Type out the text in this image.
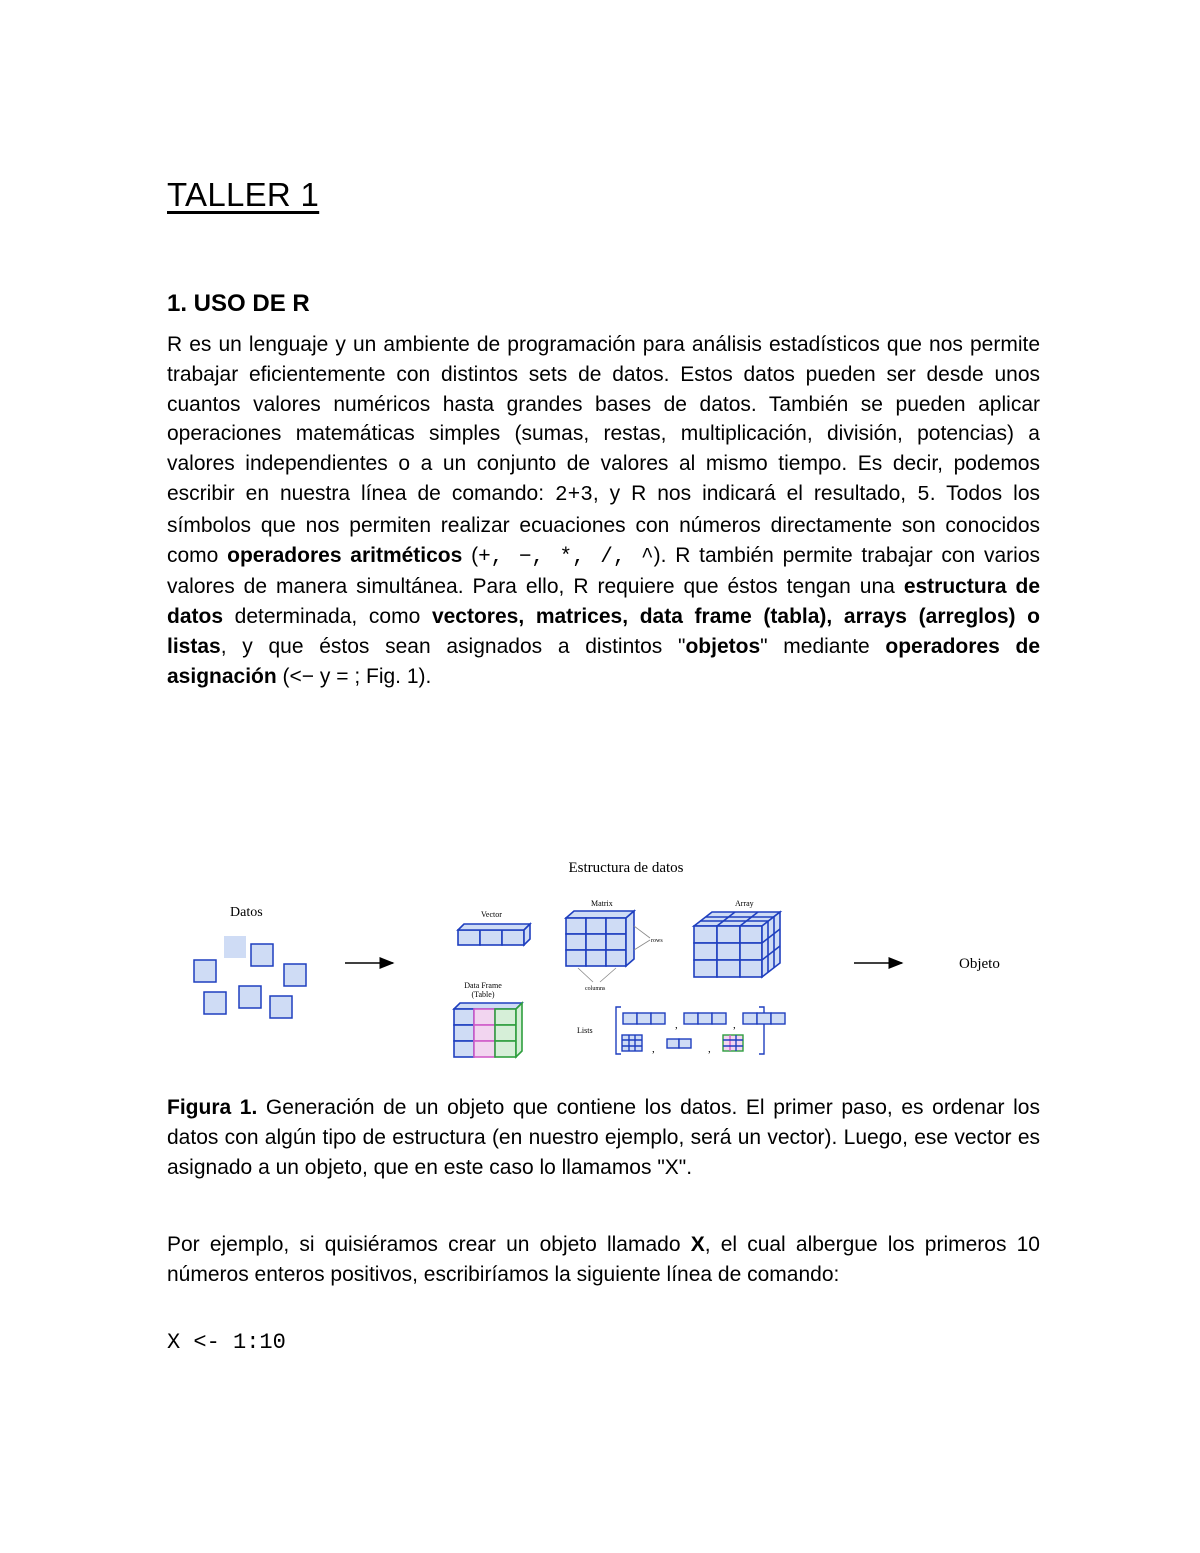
TALLER 1
1. USO DE R

R es un lenguaje y un ambiente de programación para análisis estadísticos que nos permite trabajar eficientemente con distintos sets de datos. Estos datos pueden ser desde unos cuantos valores numéricos hasta grandes bases de datos. También se pueden aplicar operaciones matemáticas simples (sumas, restas, multiplicación, división, potencias) a valores independientes o a un conjunto de valores al mismo tiempo. Es decir, podemos escribir en nuestra línea de comando: 2+3, y R nos indicará el resultado, 5. Todos los símbolos que nos permiten realizar ecuaciones con números directamente son conocidos como operadores aritméticos (+, −, *, /, ^). R también permite trabajar con varios valores de manera simultánea. Para ello, R requiere que éstos tengan una estructura de datos determinada, como vectores, matrices, data frame (tabla), arrays (arreglos) o listas, y que éstos sean asignados a distintos "objetos" mediante operadores de asignación (<− y = ; Fig. 1).

Estructura de datos
Datos	Vector
Matrix
rows
columns
Array
Objeto
Data Frame
(Table)
Lists	,	,
,	,

Figura 1. Generación de un objeto que contiene los datos. El primer paso, es ordenar los datos con algún tipo de estructura (en nuestro ejemplo, será un vector). Luego, ese vector es asignado a un objeto, que en este caso lo llamamos "X".

Por ejemplo, si quisiéramos crear un objeto llamado X, el cual albergue los primeros 10 números enteros positivos, escribiríamos la siguiente línea de comando:

X <- 1:10
